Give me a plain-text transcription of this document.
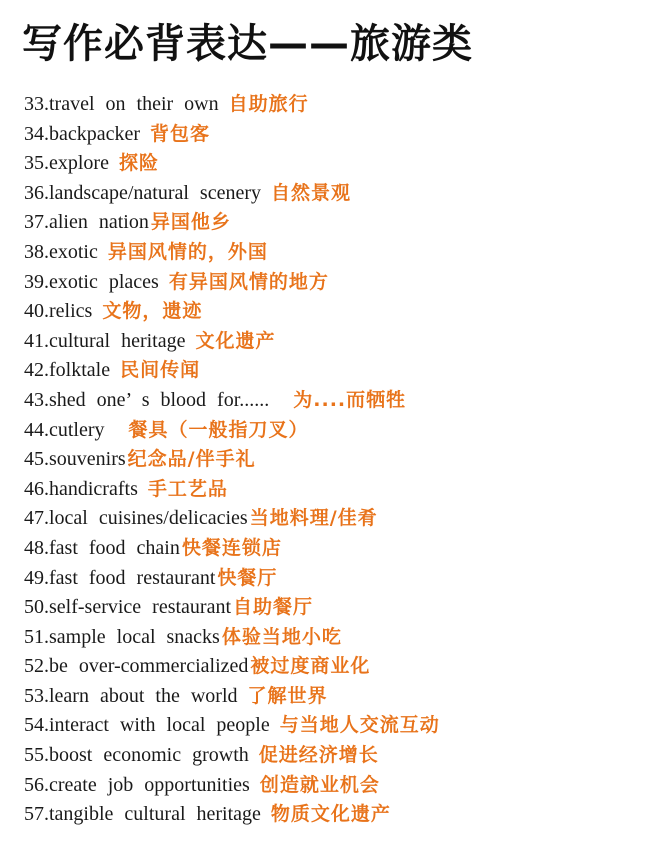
写作必背表达——旅游类
33.travel on their own 自助旅行
34.backpacker 背包客
35.explore 探险
36.landscape/natural scenery 自然景观
37.alien nation 异国他乡
38.exotic 异国风情的，外国
39.exotic places 有异国风情的地方
40.relics 文物，遗迹
41.cultural heritage 文化遗产
42.folktale 民间传闻
43.shed one’ s blood for...... 为....而牺牲
44.cutlery 餐具（一般指刀叉）
45.souvenirs 纪念品/伴手礼
46.handicrafts 手工艺品
47.local cuisines/delicacies 当地料理/佳肴
48.fast food chain 快餐连锁店
49.fast food restaurant 快餐厅
50.self-service restaurant 自助餐厅
51.sample local snacks 体验当地小吃
52.be over-commercialized 被过度商业化
53.learn about the world 了解世界
54.interact with local people 与当地人交流互动
55.boost economic growth 促进经济增长
56.create job opportunities 创造就业机会
57.tangible cultural heritage 物质文化遗产
